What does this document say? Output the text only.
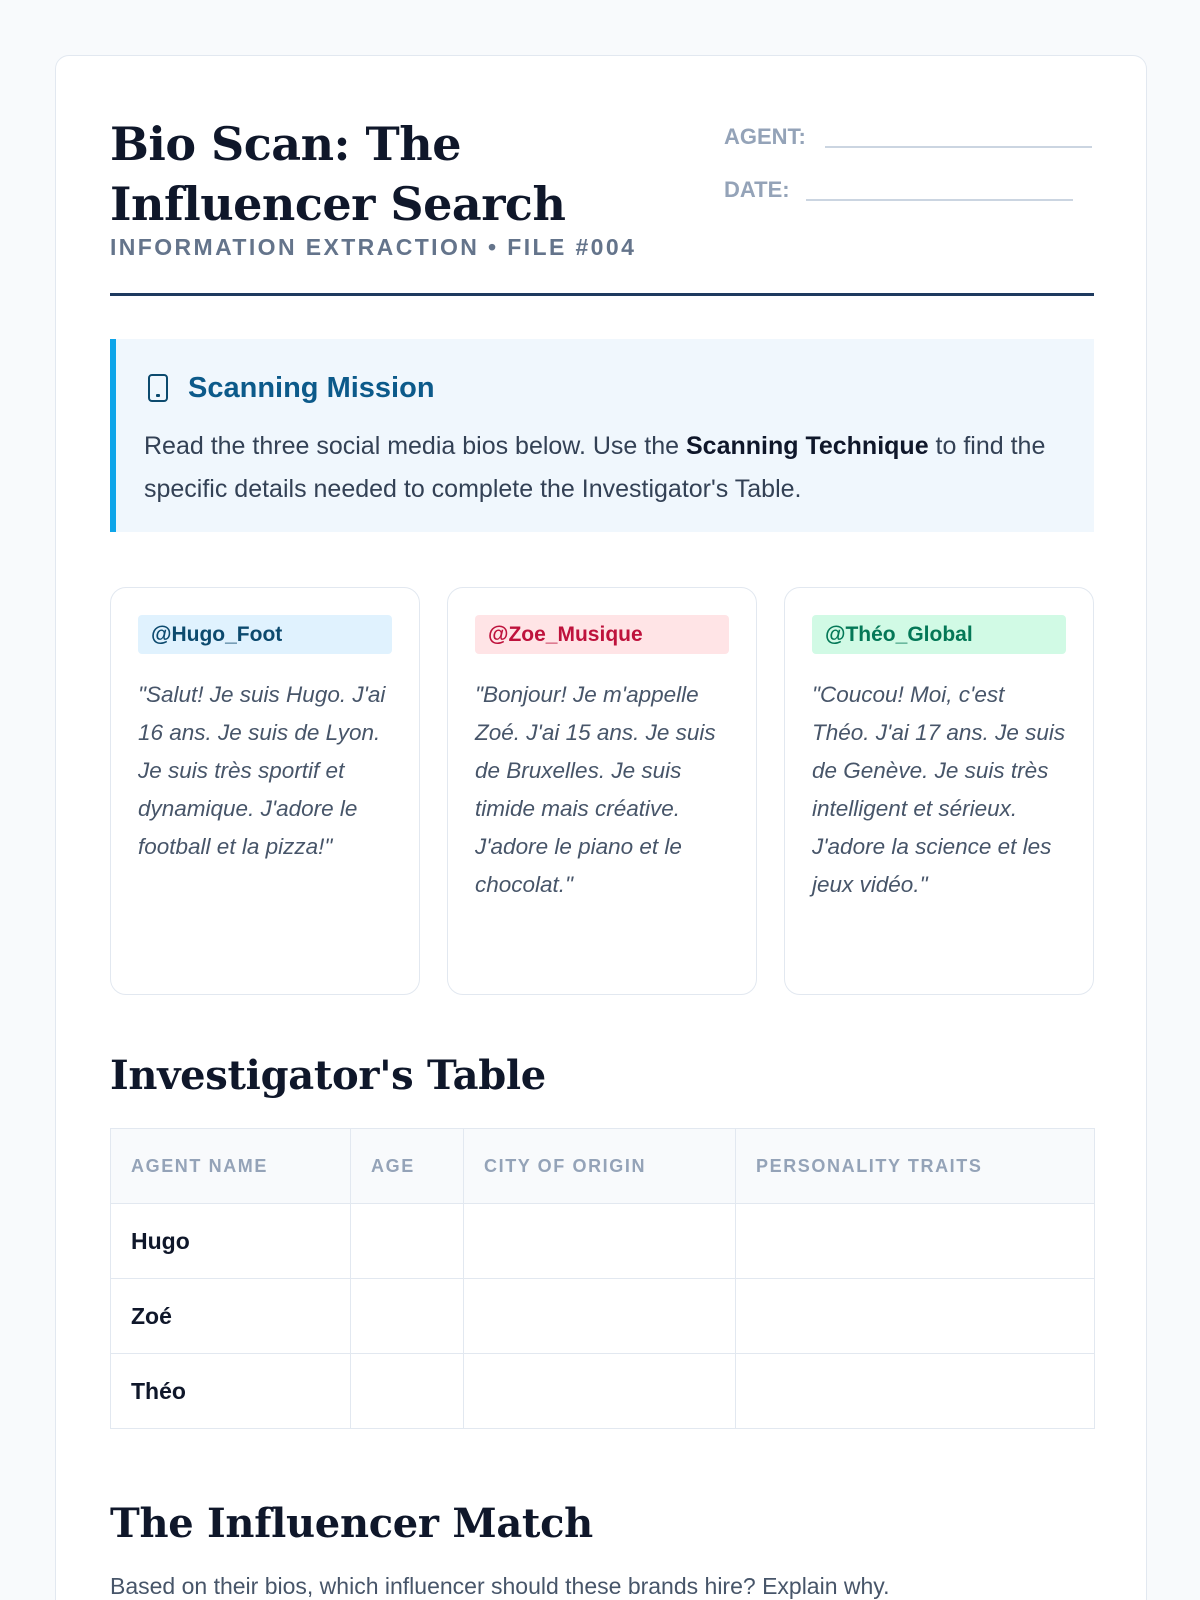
Bio Scan: The Influencer Search
INFORMATION EXTRACTION • FILE #004
AGENT:
DATE:
Scanning Mission

Read the three social media bios below. Use the Scanning Technique to find the specific details needed to complete the Investigator's Table.

@Hugo_Foot

"Salut! Je suis Hugo. J'ai 16 ans. Je suis de Lyon. Je suis très sportif et dynamique. J'adore le football et la pizza!"

@Zoe_Musique

"Bonjour! Je m'appelle Zoé. J'ai 15 ans. Je suis de Bruxelles. Je suis timide mais créative. J'adore le piano et le chocolat."

@Théo_Global

"Coucou! Moi, c'est Théo. J'ai 17 ans. Je suis de Genève. Je suis très intelligent et sérieux. J'adore la science et les jeux vidéo."

Investigator's Table
AGENT NAME	AGE	CITY OF ORIGIN	PERSONALITY TRAITS
Hugo			
Zoé			
Théo			
The Influencer Match

Based on their bios, which influencer should these brands hire? Explain why.
